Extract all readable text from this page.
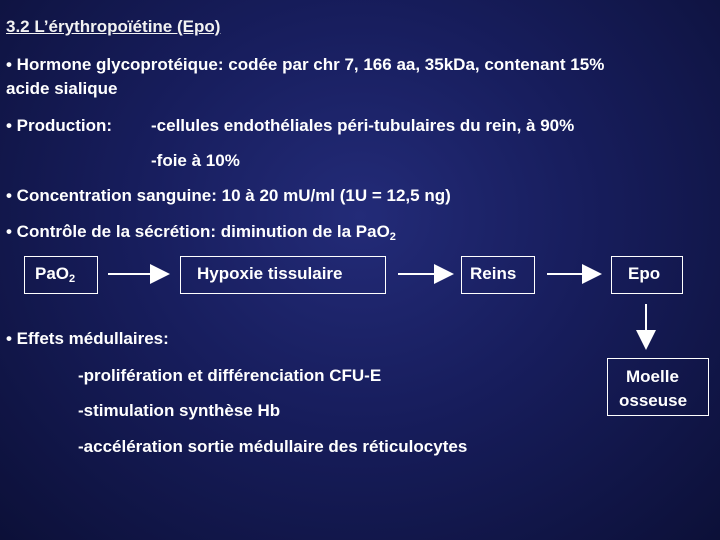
3.2 L’érythropoïétine (Epo)
• Hormone glycoprotéique: codée par chr 7, 166 aa, 35kDa, contenant 15%
acide sialique
• Production: -cellules endothéliales péri-tubulaires du rein, à 90%
-foie à 10%
• Concentration sanguine: 10 à 20 mU/ml (1U = 12,5 ng)
• Contrôle de la sécrétion: diminution de la PaO$_2$
PaO$_2$	Hypoxie tissulaire	Reins	Epo
Moelle
osseuse
• Effets médullaires:
-prolifération et différenciation CFU-E
-stimulation synthèse Hb
-accélération sortie médullaire des réticulocytes
